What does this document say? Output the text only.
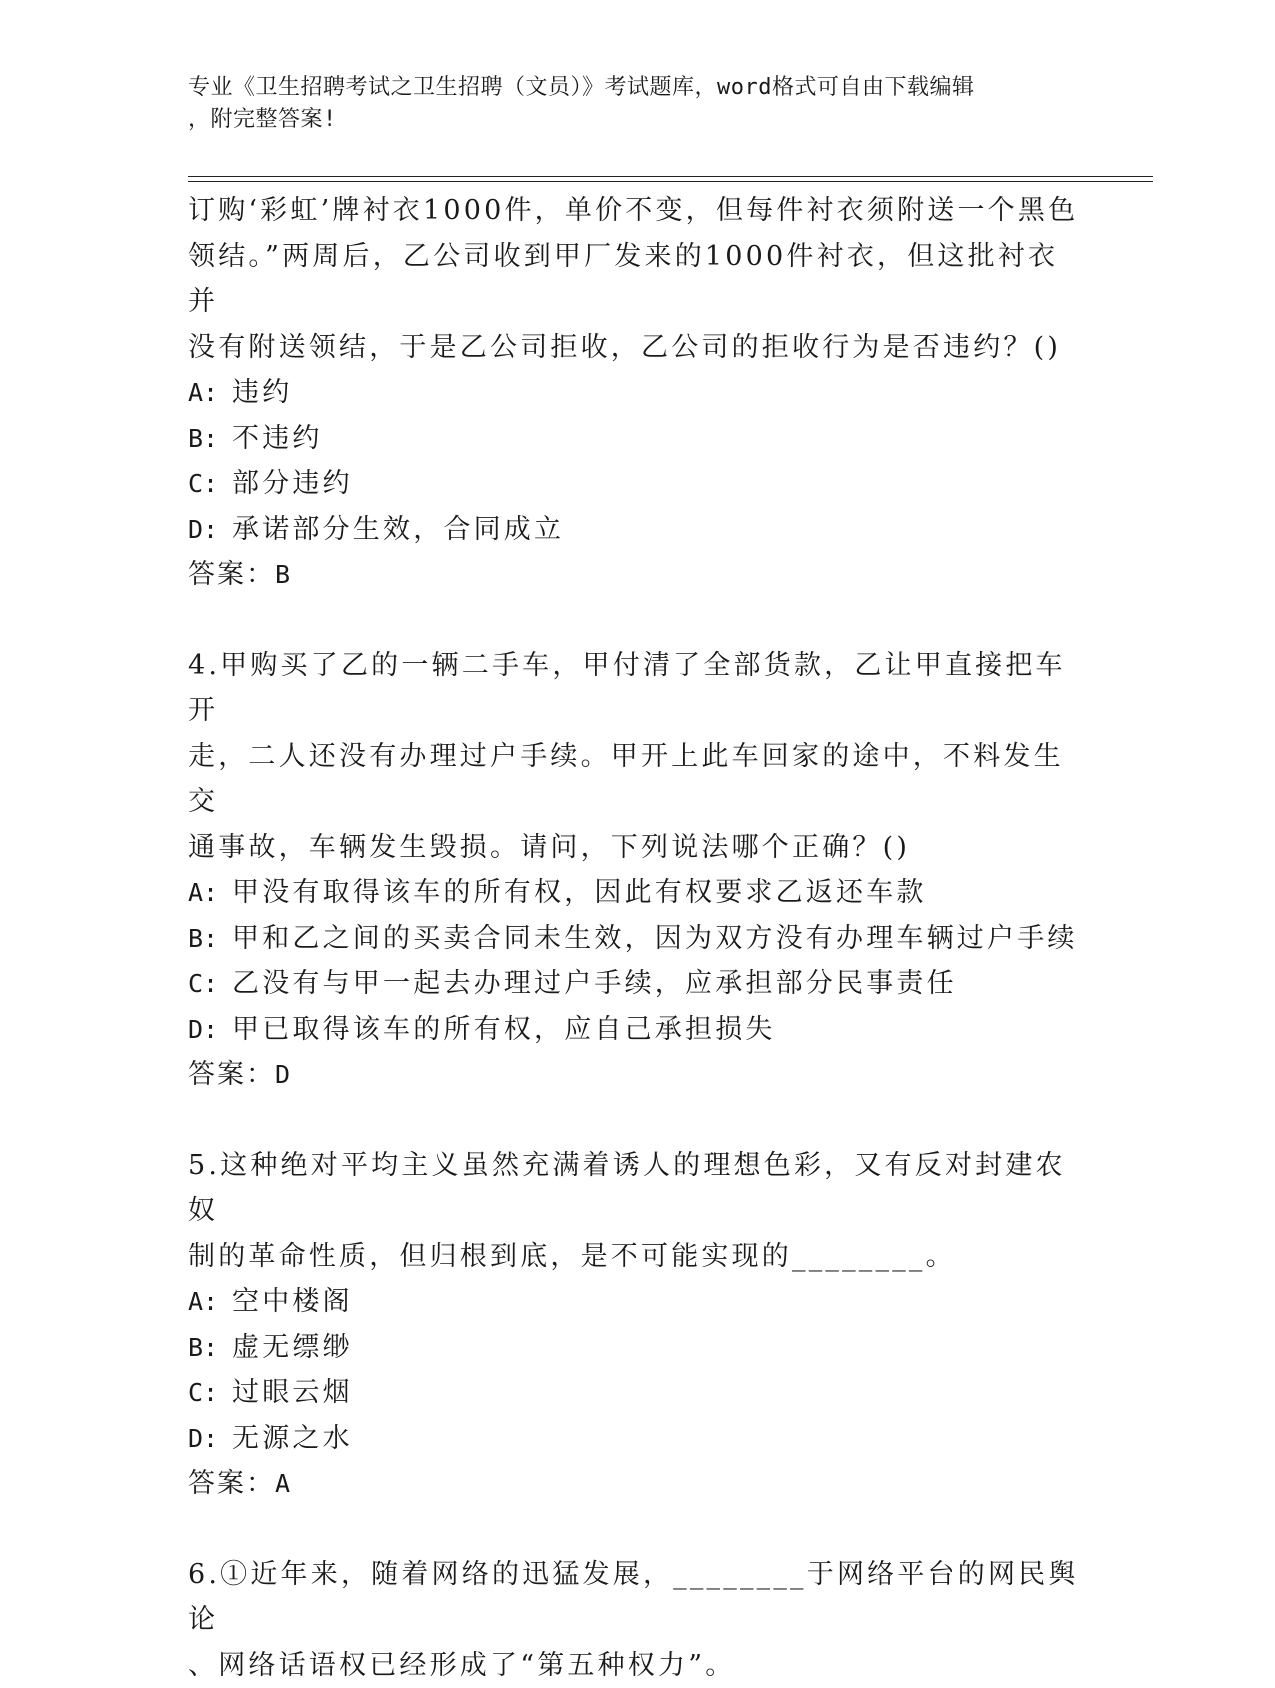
专业《卫生招聘考试之卫生招聘（文员）》考试题库，word格式可自由下载编辑
，附完整答案!

订购‘彩虹’牌衬衣1000件，单价不变，但每件衬衣须附送一个黑色
领结。”两周后，乙公司收到甲厂发来的1000件衬衣，但这批衬衣并
没有附送领结，于是乙公司拒收，乙公司的拒收行为是否违约？()

A: 违约

B: 不违约

C: 部分违约

D: 承诺部分生效，合同成立

答案：B

4.甲购买了乙的一辆二手车，甲付清了全部货款，乙让甲直接把车开
走，二人还没有办理过户手续。甲开上此车回家的途中，不料发生交
通事故，车辆发生毁损。请问，下列说法哪个正确？()

A: 甲没有取得该车的所有权，因此有权要求乙返还车款

B: 甲和乙之间的买卖合同未生效，因为双方没有办理车辆过户手续

C: 乙没有与甲一起去办理过户手续，应承担部分民事责任

D: 甲已取得该车的所有权，应自己承担损失

答案：D

5.这种绝对平均主义虽然充满着诱人的理想色彩，又有反对封建农奴
制的革命性质，但归根到底，是不可能实现的________。

A: 空中楼阁

B: 虚无缥缈

C: 过眼云烟

D: 无源之水

答案：A

6.①近年来，随着网络的迅猛发展，________于网络平台的网民舆论
、网络话语权已经形成了“第五种权力”。
